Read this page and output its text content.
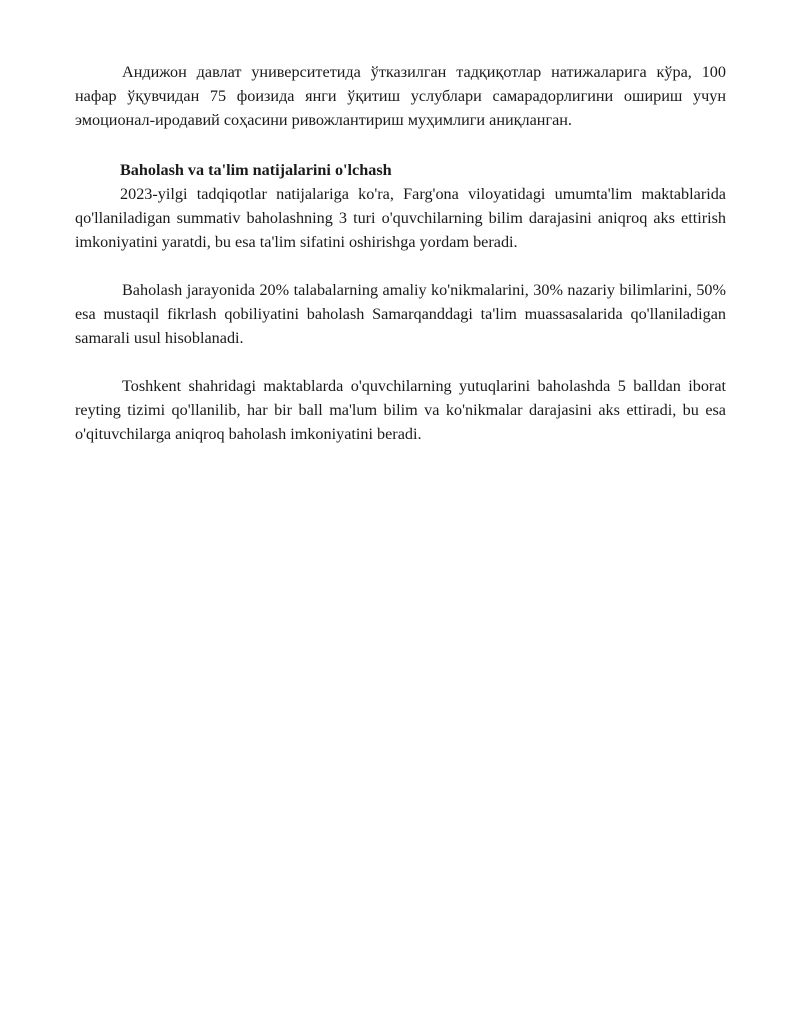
Андижон давлат университетида ўтказилган тадқиқотлар натижаларига кўра, 100 нафар ўқувчидан 75 фоизида янги ўқитиш услублари самарадорлигини ошириш учун эмоционал-иродавий соҳасини ривожлантириш муҳимлиги аниқланган.

Baholash va ta'lim natijalarini o'lchash

2023-yilgi tadqiqotlar natijalariga ko'ra, Farg'ona viloyatidagi umumta'lim maktablarida qo'llaniladigan summativ baholashning 3 turi o'quvchilarning bilim darajasini aniqroq aks ettirish imkoniyatini yaratdi, bu esa ta'lim sifatini oshirishga yordam beradi.

Baholash jarayonida 20% talabalarning amaliy ko'nikmalarini, 30% nazariy bilimlarini, 50% esa mustaqil fikrlash qobiliyatini baholash Samarqanddagi ta'lim muassasalarida qo'llaniladigan samarali usul hisoblanadi.

Toshkent shahridagi maktablarda o'quvchilarning yutuqlarini baholashda 5 balldan iborat reyting tizimi qo'llanilib, har bir ball ma'lum bilim va ko'nikmalar darajasini aks ettiradi, bu esa o'qituvchilarga aniqroq baholash imkoniyatini beradi.
